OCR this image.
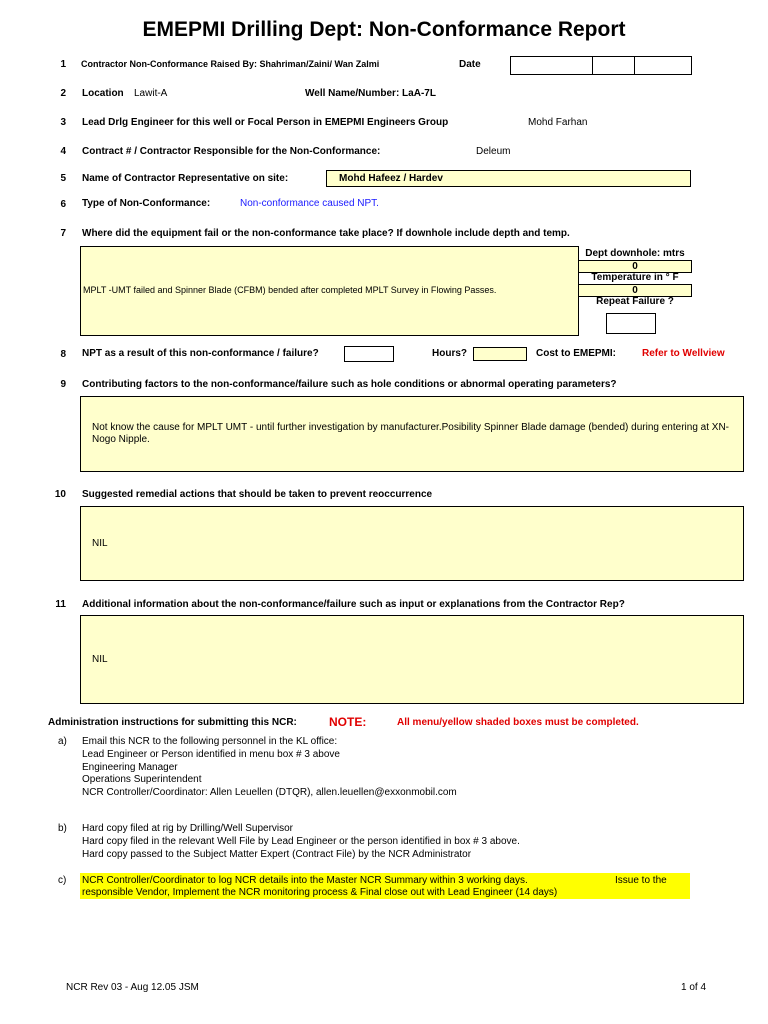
EMEPMI Drilling Dept: Non-Conformance Report
1 Contractor Non-Conformance Raised By: Shahriman/Zaini/ Wan Zalmi	Date
2 Location Lawit-A	Well Name/Number: LaA-7L
3 Lead Drlg Engineer for this well or Focal Person in EMEPMI Engineers Group	Mohd Farhan
4 Contract # / Contractor Responsible for the Non-Conformance:	Deleum
5 Name of Contractor Representative on site:	Mohd Hafeez / Hardev
6 Type of Non-Conformance:	Non-conformance caused NPT.
7 Where did the equipment fail or the non-conformance take place? If downhole include depth and temp.
MPLT -UMT failed and Spinner Blade (CFBM) bended after completed MPLT Survey in Flowing Passes.
Dept downhole: mtrs
0
Temperature in ° F
0
Repeat Failure ?
8 NPT as a result of this non-conformance / failure?	Hours?	Cost to EMEPMI:	Refer to Wellview
9 Contributing factors to the non-conformance/failure such as hole conditions or abnormal operating parameters?
Not know the cause for MPLT UMT - until further investigation by manufacturer.Posibility Spinner Blade damage (bended) during entering at XN-Nogo Nipple.
10 Suggested remedial actions that should be taken to prevent reoccurrence
NIL
11 Additional information about the non-conformance/failure such as input or explanations from the Contractor Rep?
NIL
Administration instructions for submitting this NCR:	NOTE:	All menu/yellow shaded boxes must be completed.
a) Email this NCR to the following personnel in the KL office:
Lead Engineer or Person identified in menu box # 3 above
Engineering Manager
Operations Superintendent
NCR Controller/Coordinator: Allen Leuellen (DTQR), allen.leuellen@exxonmobil.com
b) Hard copy filed at rig by Drilling/Well Supervisor
Hard copy filed in the relevant Well File by Lead Engineer or the person identified in box # 3 above.
Hard copy passed to the Subject Matter Expert (Contract File) by the NCR Administrator
c) NCR Controller/Coordinator to log NCR details into the Master NCR Summary within 3 working days.	Issue to the
responsible Vendor, Implement the NCR monitoring process & Final close out with Lead Engineer (14 days)
NCR Rev 03 - Aug 12.05 JSM	1 of 4
